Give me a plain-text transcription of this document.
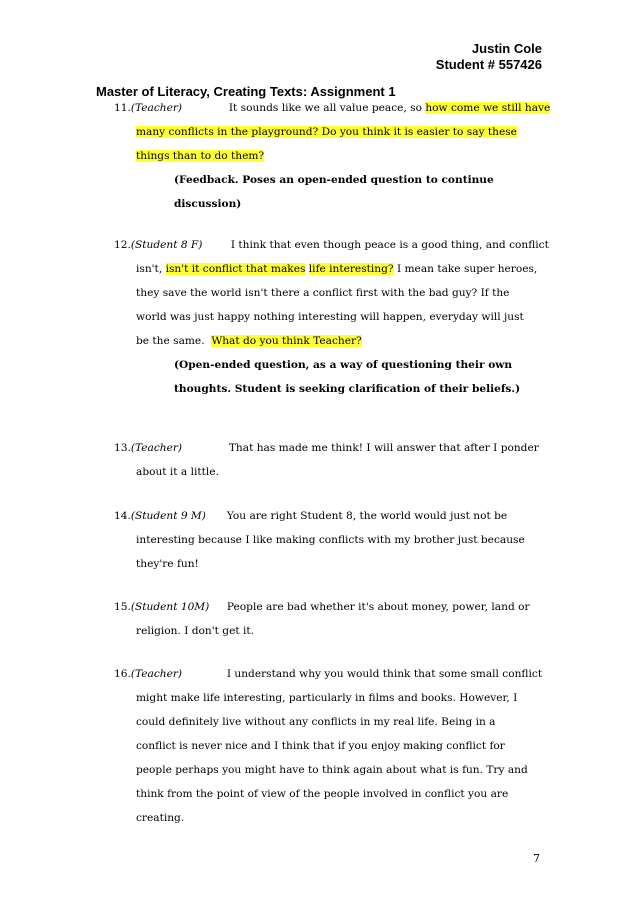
Justin Cole
Student # 557426
Master of Literacy, Creating Texts: Assignment 1
11.(Teacher)	It sounds like we all value peace, so how come we still have
many conflicts in the playground? Do you think it is easier to say these
things than to do them?
(Feedback. Poses an open-ended question to continue
discussion)
12.(Student 8 F)	I think that even though peace is a good thing, and conflict
isn't, isn't it conflict that makes life interesting? I mean take super heroes,
they save the world isn't there a conflict first with the bad guy? If the
world was just happy nothing interesting will happen, everyday will just
be the same.  What do you think Teacher?
(Open-ended question, as a way of questioning their own
thoughts. Student is seeking clarification of their beliefs.)
13.(Teacher)	That has made me think! I will answer that after I ponder
about it a little.
14.(Student 9 M) You are right Student 8, the world would just not be
interesting because I like making conflicts with my brother just because
they're fun!
15.(Student 10M) People are bad whether it's about money, power, land or
religion. I don't get it.
16.(Teacher)	I understand why you would think that some small conflict
might make life interesting, particularly in films and books. However, I
could definitely live without any conflicts in my real life. Being in a
conflict is never nice and I think that if you enjoy making conflict for
people perhaps you might have to think again about what is fun. Try and
think from the point of view of the people involved in conflict you are
creating.
7
